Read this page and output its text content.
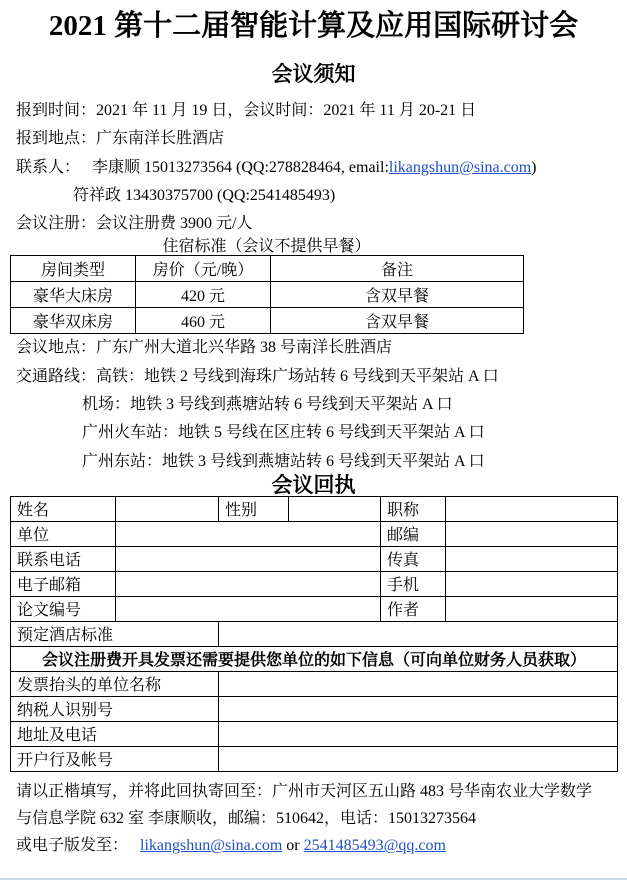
2021 第十二届智能计算及应用国际研讨会
会议须知
报到时间：2021 年 11 月 19 日，会议时间：2021 年 11 月 20-21 日
报到地点：广东南洋长胜酒店
联系人： 李康顺 15013273564 (QQ:278828464, email:likangshun@sina.com)
符祥政 13430375700 (QQ:2541485493)
会议注册：会议注册费 3900 元/人
住宿标准（会议不提供早餐）
房间类型	房价（元/晚）	备注
豪华大床房	420 元	含双早餐
豪华双床房	460 元	含双早餐
会议地点：广东广州大道北兴华路 38 号南洋长胜酒店
交通路线：高铁：地铁 2 号线到海珠广场站转 6 号线到天平架站 A 口
机场：地铁 3 号线到燕塘站转 6 号线到天平架站 A 口
广州火车站：地铁 5 号线在区庄转 6 号线到天平架站 A 口
广州东站：地铁 3 号线到燕塘站转 6 号线到天平架站 A 口
会议回执
姓名		性别		职称	
单位				邮编	
联系电话				传真	
电子邮箱				手机	
论文编号				作者	
预定酒店标准					
会议注册费开具发票还需要提供您单位的如下信息（可向单位财务人员获取）					
发票抬头的单位名称					
纳税人识别号					
地址及电话					
开户行及帐号					
请以正楷填写，并将此回执寄回至：广州市天河区五山路 483 号华南农业大学数学
与信息学院 632 室 李康顺收，邮编：510642，电话：15013273564
或电子版发至： likangshun@sina.com or 2541485493@qq.com
